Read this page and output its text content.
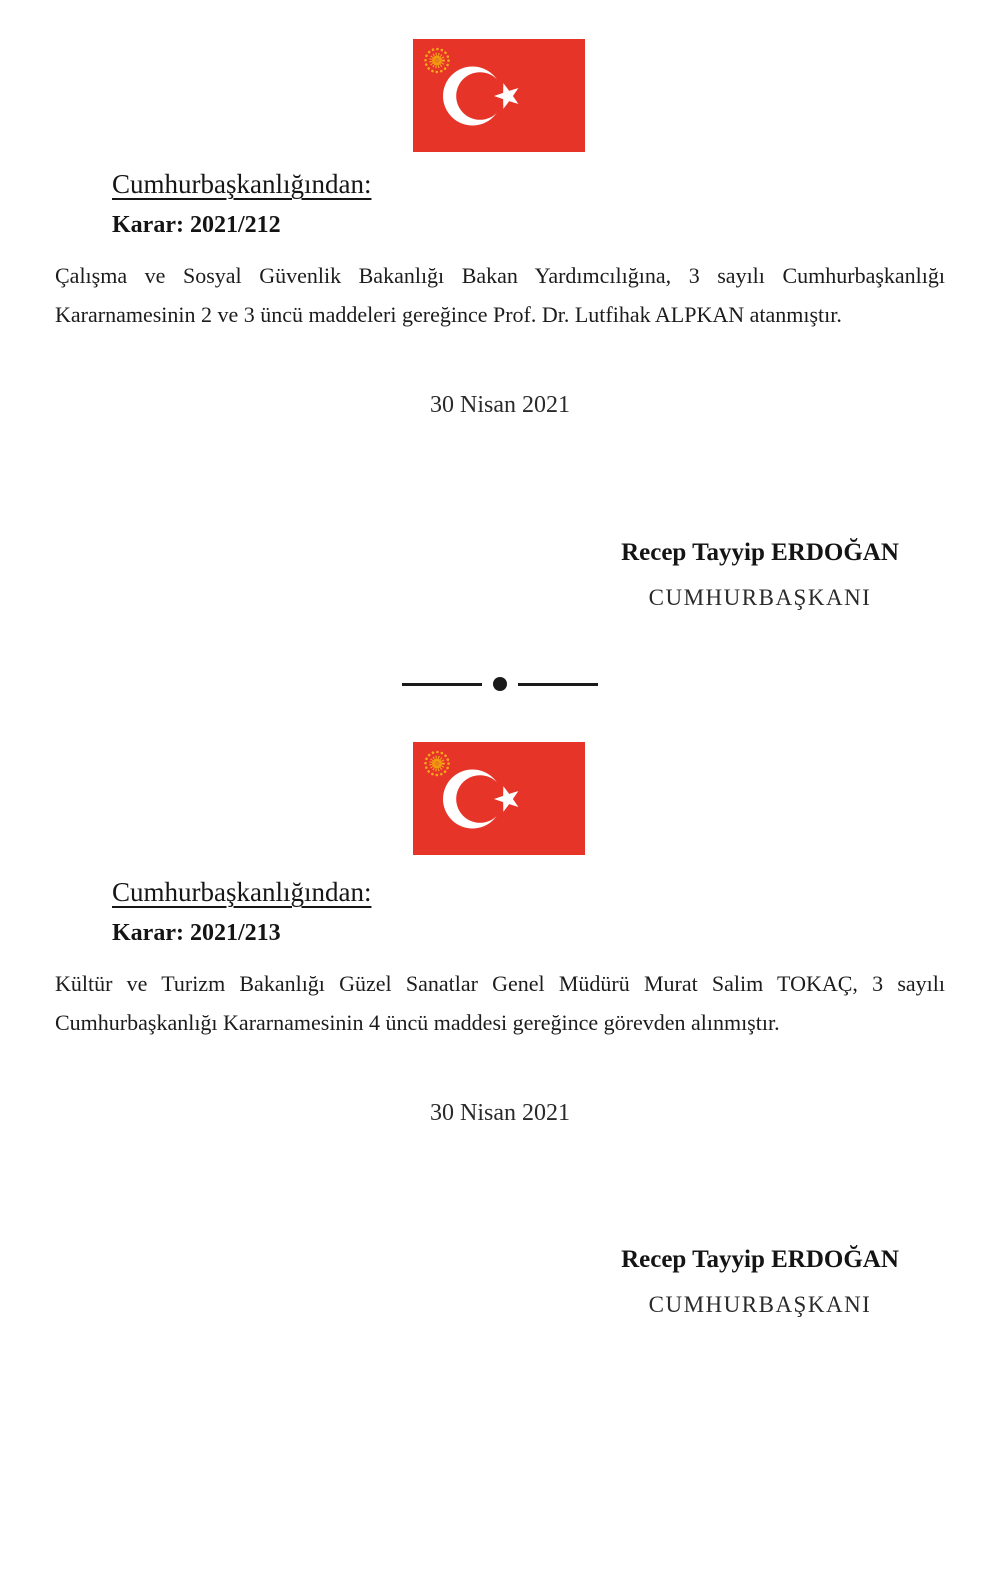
Cumhurbaşkanlığından:
Karar: 2021/212
Çalışma ve Sosyal Güvenlik Bakanlığı Bakan Yardımcılığına, 3 sayılı Cumhurbaşkanlığı
Kararnamesinin 2 ve 3 üncü maddeleri gereğince Prof. Dr. Lutfihak ALPKAN atanmıştır.
30 Nisan 2021

Recep Tayyip ERDOĞAN

CUMHURBAŞKANI

Cumhurbaşkanlığından:
Karar: 2021/213
Kültür ve Turizm Bakanlığı Güzel Sanatlar Genel Müdürü Murat Salim TOKAÇ, 3 sayılı
Cumhurbaşkanlığı Kararnamesinin 4 üncü maddesi gereğince görevden alınmıştır.
30 Nisan 2021

Recep Tayyip ERDOĞAN

CUMHURBAŞKANI
